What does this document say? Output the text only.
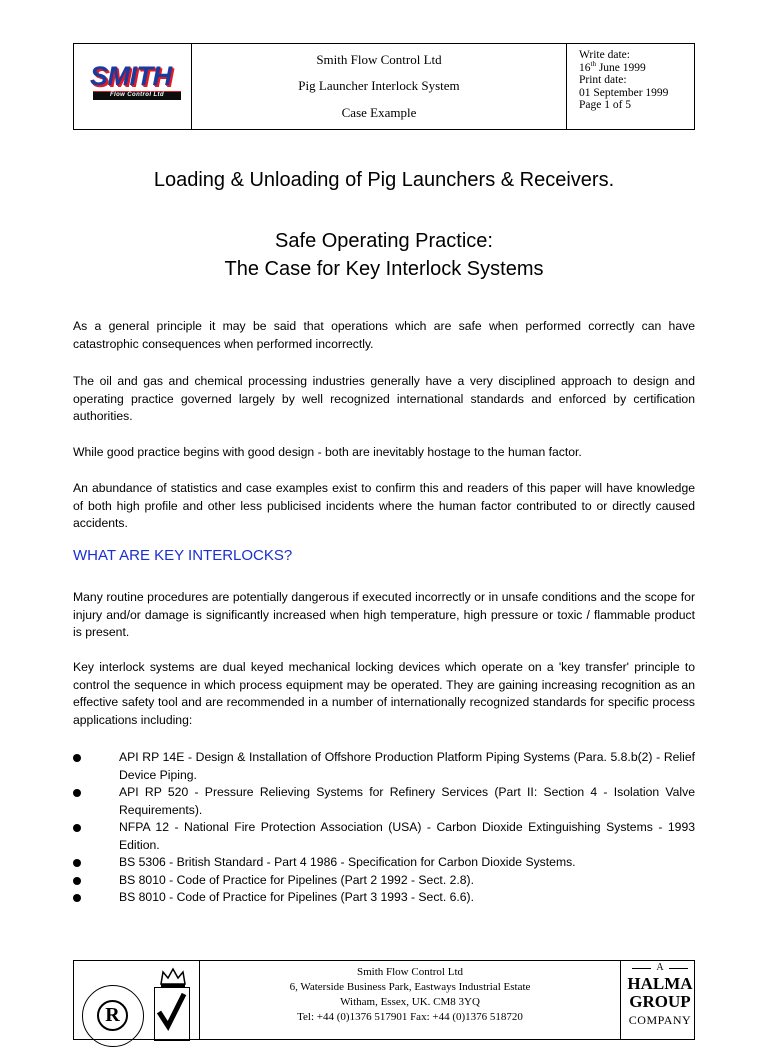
SMITH
Flow Control Ltd
Smith Flow Control Ltd
Pig Launcher Interlock System
Case Example
Write date:
16th June 1999
Print date:
01 September 1999
Page 1 of 5
Loading & Unloading of Pig Launchers & Receivers.
Safe Operating Practice:
The Case for Key Interlock Systems
As a general principle it may be said that operations which are safe when performed correctly can have catastrophic consequences when performed incorrectly.
The oil and gas and chemical processing industries generally have a very disciplined approach to design and operating practice governed largely by well recognized international standards and enforced by certification authorities.
While good practice begins with good design - both are inevitably hostage to the human factor.
An abundance of statistics and case examples exist to confirm this and readers of this paper will have knowledge of both high profile and other less publicised incidents where the human factor contributed to or directly caused accidents.
WHAT ARE KEY INTERLOCKS?
Many routine procedures are potentially dangerous if executed incorrectly or in unsafe conditions and the scope for injury and/or damage is significantly increased when high temperature, high pressure or toxic / flammable product is present.
Key interlock systems are dual keyed mechanical locking devices which operate on a 'key transfer' principle to control the sequence in which process equipment may be operated. They are gaining increasing recognition as an effective safety tool and are recommended in a number of internationally recognized standards for specific process applications including:
API RP 14E - Design & Installation of Offshore Production Platform Piping Systems (Para. 5.8.b(2) - Relief Device Piping.
API RP 520 - Pressure Relieving Systems for Refinery Services (Part II: Section 4 - Isolation Valve Requirements).
NFPA 12 - National Fire Protection Association (USA) - Carbon Dioxide Extinguishing Systems - 1993 Edition.
BS 5306 - British Standard - Part 4 1986 - Specification for Carbon Dioxide Systems.
BS 8010 - Code of Practice for Pipelines (Part 2 1992 - Sect. 2.8).
BS 8010 - Code of Practice for Pipelines (Part 3 1993 - Sect. 6.6).
R
Smith Flow Control Ltd
6, Waterside Business Park, Eastways Industrial Estate
Witham, Essex, UK. CM8 3YQ
Tel: +44 (0)1376 517901 Fax: +44 (0)1376 518720
A
HALMA
GROUP
COMPANY
